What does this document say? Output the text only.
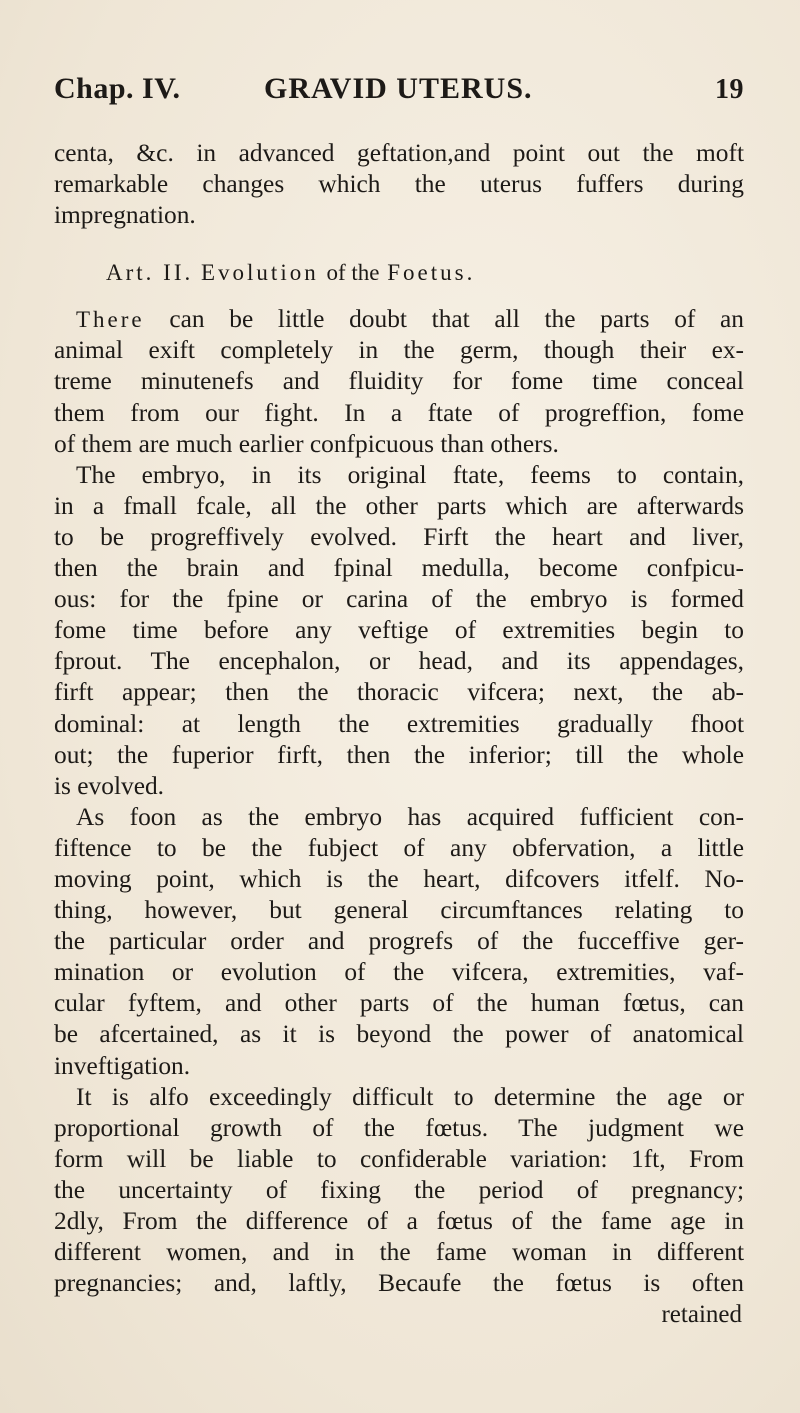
Chap. IV.	GRAVID UTERUS.	19
centa, &c. in advanced geftation,and point out the moft
remarkable changes which the uterus fuffers during
impregnation.
Art. II. Evolution of the Foetus.
There can be little doubt that all the parts of an
animal exift completely in the germ, though their ex-
treme minutenefs and fluidity for fome time conceal
them from our fight. In a ftate of progreffion, fome
of them are much earlier confpicuous than others.
The embryo, in its original ftate, feems to contain,
in a fmall fcale, all the other parts which are afterwards
to be progreffively evolved. Firft the heart and liver,
then the brain and fpinal medulla, become confpicu-
ous: for the fpine or carina of the embryo is formed
fome time before any veftige of extremities begin to
fprout. The encephalon, or head, and its appendages,
firft appear; then the thoracic vifcera; next, the ab-
dominal: at length the extremities gradually fhoot
out; the fuperior firft, then the inferior; till the whole
is evolved.
As foon as the embryo has acquired fufficient con-
fiftence to be the fubject of any obfervation, a little
moving point, which is the heart, difcovers itfelf. No-
thing, however, but general circumftances relating to
the particular order and progrefs of the fucceffive ger-
mination or evolution of the vifcera, extremities, vaf-
cular fyftem, and other parts of the human fœtus, can
be afcertained, as it is beyond the power of anatomical
inveftigation.
It is alfo exceedingly difficult to determine the age or
proportional growth of the fœtus. The judgment we
form will be liable to confiderable variation: 1ft, From
the uncertainty of fixing the period of pregnancy;
2dly, From the difference of a fœtus of the fame age in
different women, and in the fame woman in different
pregnancies; and, laftly, Becaufe the fœtus is often
retained
